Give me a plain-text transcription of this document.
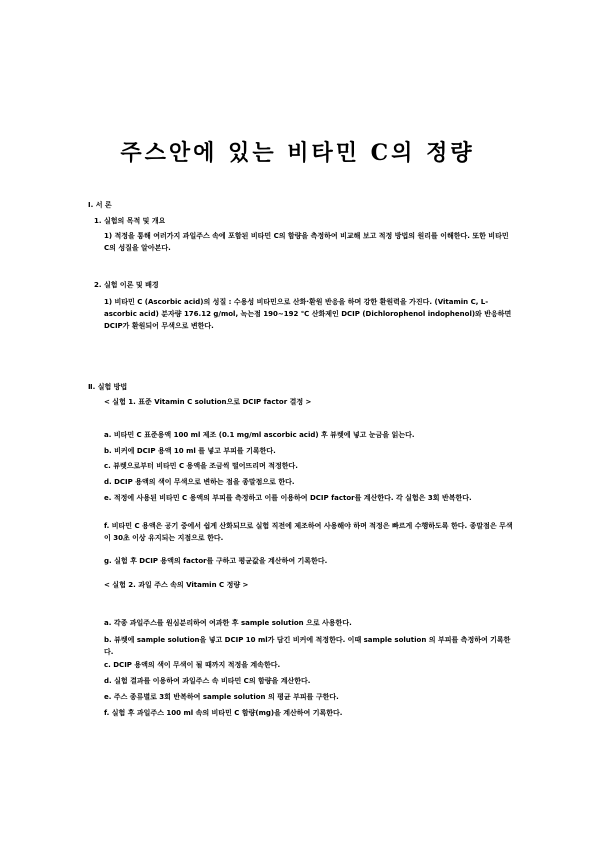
주스안에 있는 비타민 C의 정량
Ⅰ. 서 론
1. 실험의 목적 및 개요
1) 적정을 통해 여러가지 과일주스 속에 포함된 비타민 C의 함량을 측정하여 비교해 보고 적정 방법의 원리를 이해한다. 또한 비타민 C의 성질을 알아본다.
2. 실험 이론 및 배경
1) 비타민 C (Ascorbic acid)의 성질 : 수용성 비타민으로 산화·환원 반응을 하며 강한 환원력을 가진다. (Vitamin C, L-ascorbic acid) 분자량 176.12 g/mol, 녹는점 190~192 ℃ 산화제인 DCIP (Dichlorophenol indophenol)와 반응하면 DCIP가 환원되어 무색으로 변한다.
Ⅱ. 실험 방법
< 실험 1. 표준 Vitamin C solution으로 DCIP factor 결정 >
a. 비타민 C 표준용액 100 ml 제조 (0.1 mg/ml ascorbic acid) 후 뷰렛에 넣고 눈금을 읽는다.
b. 비커에 DCIP 용액 10 ml 를 넣고 부피를 기록한다.
c. 뷰렛으로부터 비타민 C 용액을 조금씩 떨어뜨리며 적정한다.
d. DCIP 용액의 색이 무색으로 변하는 점을 종말점으로 한다.
e. 적정에 사용된 비타민 C 용액의 부피를 측정하고 이를 이용하여 DCIP factor를 계산한다. 각 실험은 3회 반복한다.
f. 비타민 C 용액은 공기 중에서 쉽게 산화되므로 실험 직전에 제조하여 사용해야 하며 적정은 빠르게 수행하도록 한다. 종말점은 무색이 30초 이상 유지되는 지점으로 한다.
g. 실험 후 DCIP 용액의 factor를 구하고 평균값을 계산하여 기록한다.
< 실험 2. 과일 주스 속의 Vitamin C 정량 >
a. 각종 과일주스를 원심분리하여 여과한 후 sample solution 으로 사용한다.
b. 뷰렛에 sample solution을 넣고 DCIP 10 ml가 담긴 비커에 적정한다. 이때 sample solution 의 부피를 측정하여 기록한다.
c. DCIP 용액의 색이 무색이 될 때까지 적정을 계속한다.
d. 실험 결과를 이용하여 과일주스 속 비타민 C의 함량을 계산한다.
e. 주스 종류별로 3회 반복하여 sample solution 의 평균 부피를 구한다.
f. 실험 후 과일주스 100 ml 속의 비타민 C 함량(mg)을 계산하여 기록한다.
